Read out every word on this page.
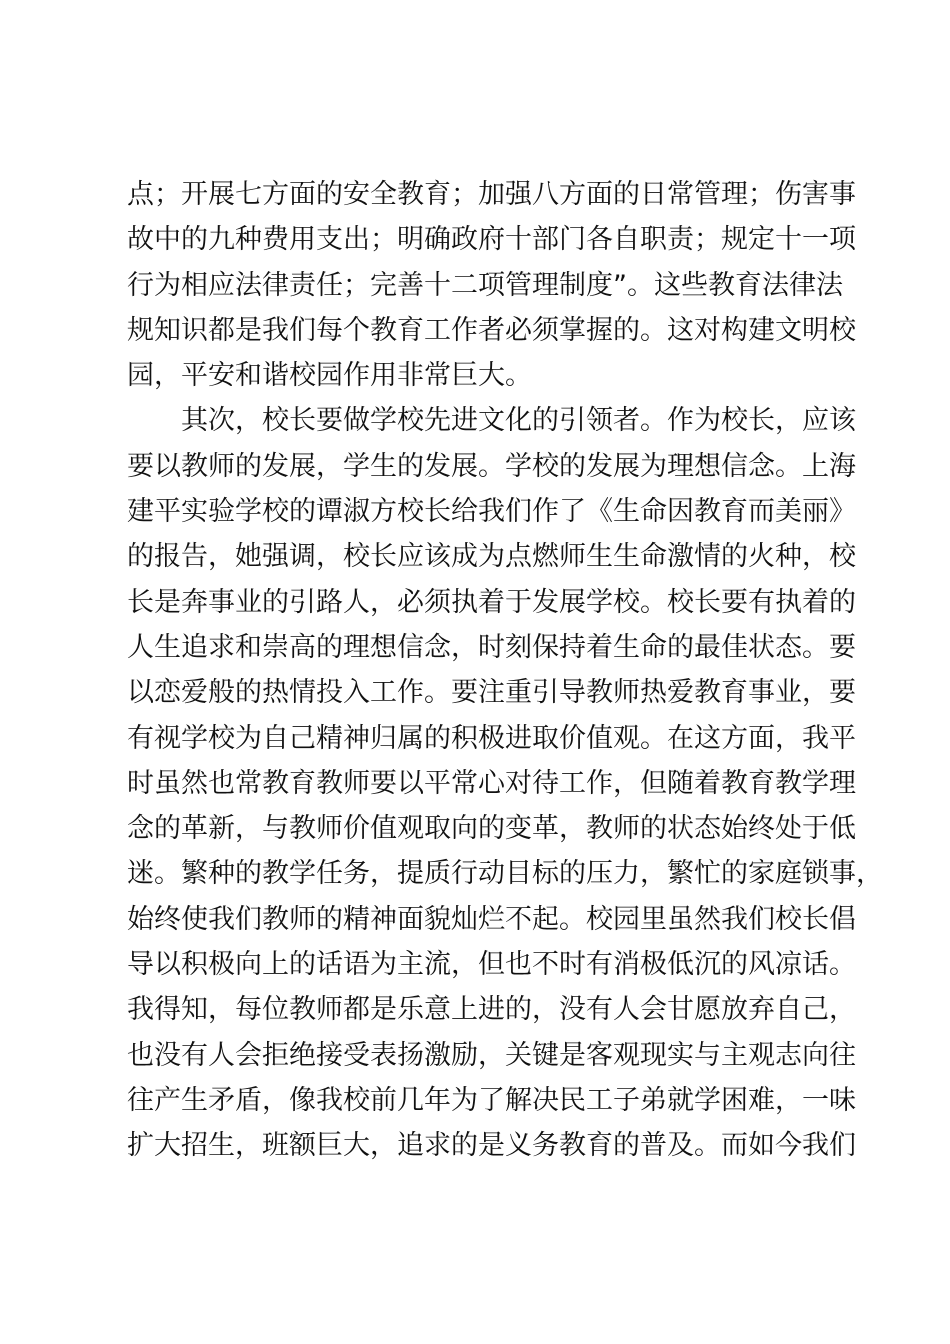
点；开展七方面的安全教育；加强八方面的日常管理；伤害事
故中的九种费用支出；明确政府十部门各自职责；规定十一项
行为相应法律责任；完善十二项管理制度”。这些教育法律法
规知识都是我们每个教育工作者必须掌握的。这对构建文明校
园，平安和谐校园作用非常巨大。
其次，校长要做学校先进文化的引领者。作为校长，应该
要以教师的发展，学生的发展。学校的发展为理想信念。上海
建平实验学校的谭淑方校长给我们作了《生命因教育而美丽》
的报告，她强调，校长应该成为点燃师生生命激情的火种，校
长是奔事业的引路人，必须执着于发展学校。校长要有执着的
人生追求和崇高的理想信念，时刻保持着生命的最佳状态。要
以恋爱般的热情投入工作。要注重引导教师热爱教育事业，要
有视学校为自己精神归属的积极进取价值观。在这方面，我平
时虽然也常教育教师要以平常心对待工作，但随着教育教学理
念的革新，与教师价值观取向的变革，教师的状态始终处于低
迷。繁种的教学任务，提质行动目标的压力，繁忙的家庭锁事，
始终使我们教师的精神面貌灿烂不起。校园里虽然我们校长倡
导以积极向上的话语为主流，但也不时有消极低沉的风凉话。
我得知，每位教师都是乐意上进的，没有人会甘愿放弃自己，
也没有人会拒绝接受表扬激励，关键是客观现实与主观志向往
往产生矛盾，像我校前几年为了解决民工子弟就学困难，一味
扩大招生，班额巨大，追求的是义务教育的普及。而如今我们
